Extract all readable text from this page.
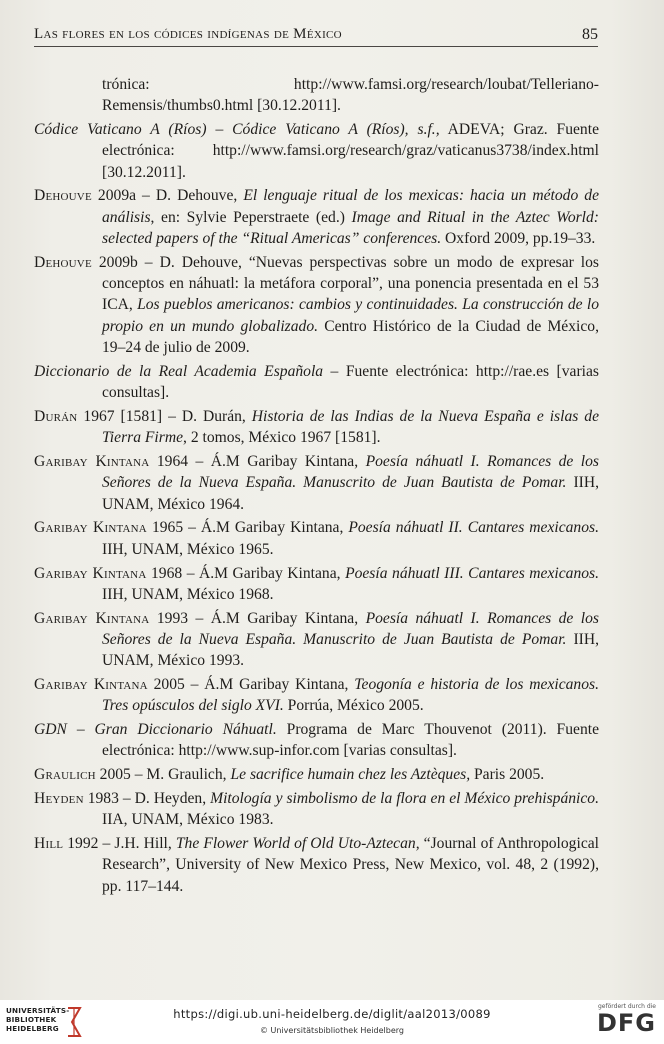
Las flores en los códices indígenas de México	85

trónica: http://www.famsi.org/research/loubat/Telleriano-Remensis/thumbs0.html [30.12.2011].

Códice Vaticano A (Ríos) – Códice Vaticano A (Ríos), s.f., ADEVA; Graz. Fuente electrónica: http://www.famsi.org/research/graz/vaticanus3738/index.html [30.12.2011].

Dehouve 2009a – D. Dehouve, El lenguaje ritual de los mexicas: hacia un método de análisis, en: Sylvie Peperstraete (ed.) Image and Ritual in the Aztec World: selected papers of the “Ritual Americas” conferences. Oxford 2009, pp.19–33.

Dehouve 2009b – D. Dehouve, “Nuevas perspectivas sobre un modo de expresar los conceptos en náhuatl: la metáfora corporal”, una ponencia presentada en el 53 ICA, Los pueblos americanos: cambios y continuidades. La construcción de lo propio en un mundo globalizado. Centro Histórico de la Ciudad de México, 19–24 de julio de 2009.

Diccionario de la Real Academia Española – Fuente electrónica: http://rae.es [varias consultas].

Durán 1967 [1581] – D. Durán, Historia de las Indias de la Nueva España e islas de Tierra Firme, 2 tomos, México 1967 [1581].

Garibay Kintana 1964 – Á.M Garibay Kintana, Poesía náhuatl I. Romances de los Señores de la Nueva España. Manuscrito de Juan Bautista de Pomar. IIH, UNAM, México 1964.

Garibay Kintana 1965 – Á.M Garibay Kintana, Poesía náhuatl II. Cantares mexicanos. IIH, UNAM, México 1965.

Garibay Kintana 1968 – Á.M Garibay Kintana, Poesía náhuatl III. Cantares mexicanos. IIH, UNAM, México 1968.

Garibay Kintana 1993 – Á.M Garibay Kintana, Poesía náhuatl I. Romances de los Señores de la Nueva España. Manuscrito de Juan Bautista de Pomar. IIH, UNAM, México 1993.

Garibay Kintana 2005 – Á.M Garibay Kintana, Teogonía e historia de los mexicanos. Tres opúsculos del siglo XVI. Porrúa, México 2005.

GDN – Gran Diccionario Náhuatl. Programa de Marc Thouvenot (2011). Fuente electrónica: http://www.sup-infor.com [varias consultas].

Graulich 2005 – M. Graulich, Le sacrifice humain chez les Aztèques, Paris 2005.

Heyden 1983 – D. Heyden, Mitología y simbolismo de la flora en el México prehispánico. IIA, UNAM, México 1983.

Hill 1992 – J.H. Hill, The Flower World of Old Uto-Aztecan, “Journal of Anthropological Research”, University of New Mexico Press, New Mexico, vol. 48, 2 (1992), pp. 117–144.

UNIVERSITÄTS-
BIBLIOTHEK
HEIDELBERG
https://digi.ub.uni-heidelberg.de/diglit/aal2013/0089
© Universitätsbibliothek Heidelberg
gefördert durch die
DFG
